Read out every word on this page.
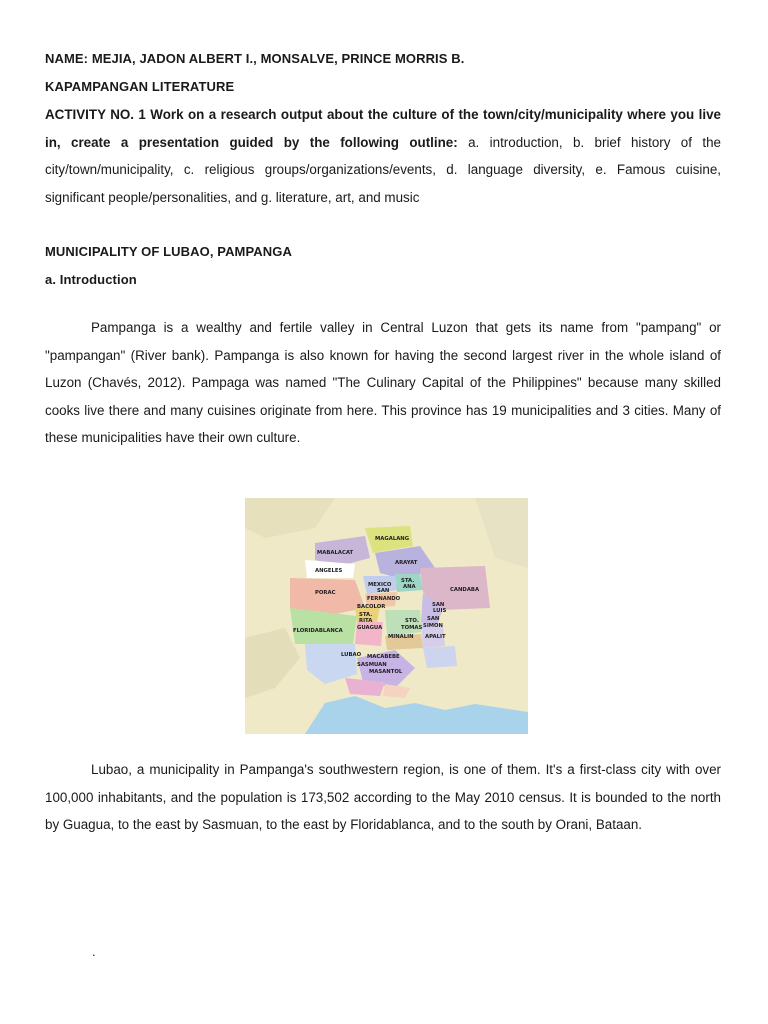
NAME: MEJIA, JADON ALBERT I., MONSALVE, PRINCE MORRIS B.
KAPAMPANGAN LITERATURE

ACTIVITY NO. 1 Work on a research output about the culture of the town/city/municipality where you live in, create a presentation guided by the following outline: a. introduction, b. brief history of the city/town/municipality, c. religious groups/organizations/events, d. language diversity, e. Famous cuisine, significant people/personalities, and g. literature, art, and music

MUNICIPALITY OF LUBAO, PAMPANGA
a. Introduction

Pampanga is a wealthy and fertile valley in Central Luzon that gets its name from "pampang" or "pampangan" (River bank). Pampanga is also known for having the second largest river in the whole island of Luzon (Chavés, 2012). Pampaga was named "The Culinary Capital of the Philippines" because many skilled cooks live there and many cuisines originate from here. This province has 19 municipalities and 3 cities. Many of these municipalities have their own culture.

MAGALANG
MABALACAT
ANGELES
ARAYAT
PORAC
MEXICO
STA.
ANA	CANDABA
SAN
FERNANDO
BACOLOR
STA.
RITA
GUAGUA
SAN
LUIS
STO.
TOMAS
SAN
SIMON
FLORIDABLANCA
MINALIN APALIT
LUBAO MACABEBE
SASMUAN
MASANTOL

Lubao, a municipality in Pampanga's southwestern region, is one of them. It's a first-class city with over 100,000 inhabitants, and the population is 173,502 according to the May 2010 census. It is bounded to the north by Guagua, to the east by Sasmuan, to the east by Floridablanca, and to the south by Orani, Bataan.

.
